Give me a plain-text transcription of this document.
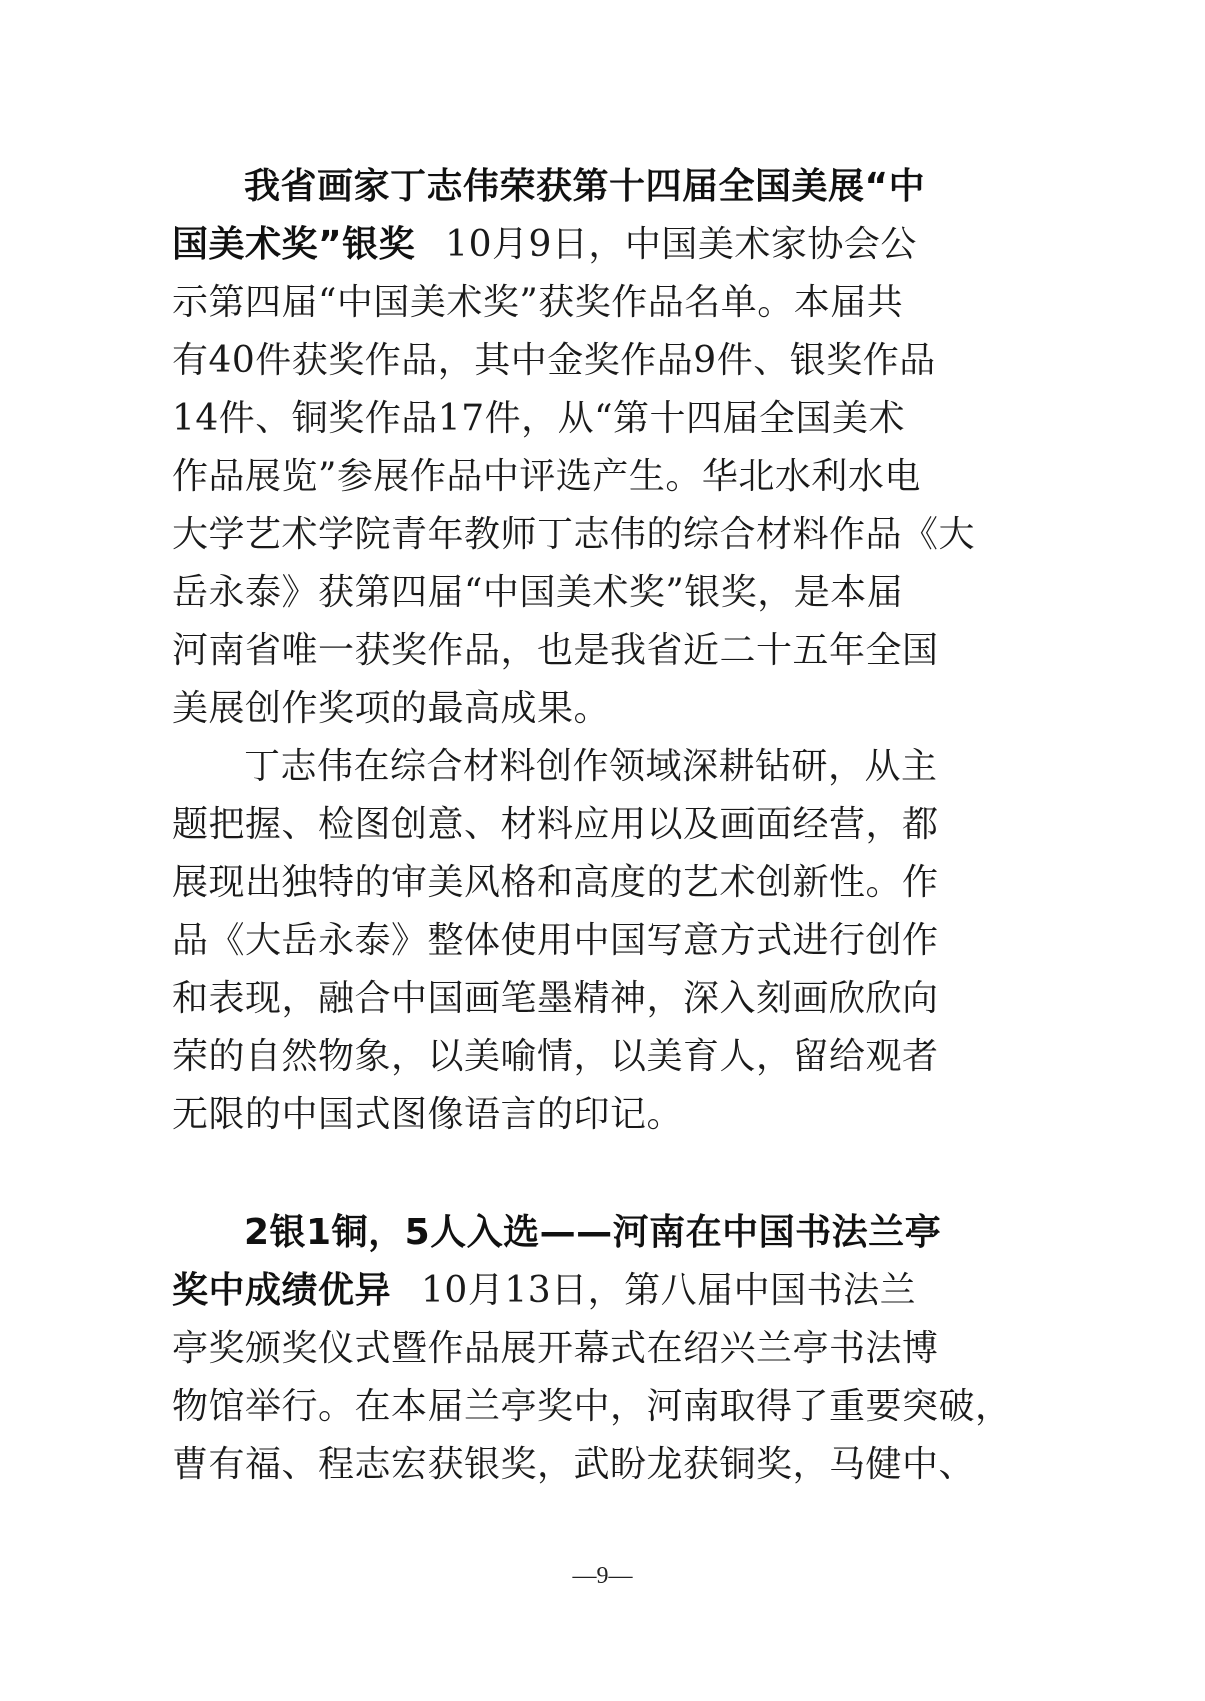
我省画家丁志伟荣获第十四届全国美展“中
国美术奖”银奖 10月9日，中国美术家协会公
示第四届“中国美术奖”获奖作品名单。本届共
有40件获奖作品，其中金奖作品9件、银奖作品
14件、铜奖作品17件，从“第十四届全国美术
作品展览”参展作品中评选产生。华北水利水电
大学艺术学院青年教师丁志伟的综合材料作品《大
岳永泰》获第四届“中国美术奖”银奖，是本届
河南省唯一获奖作品，也是我省近二十五年全国
美展创作奖项的最高成果。
丁志伟在综合材料创作领域深耕钻研，从主
题把握、检图创意、材料应用以及画面经营，都
展现出独特的审美风格和高度的艺术创新性。作
品《大岳永泰》整体使用中国写意方式进行创作
和表现，融合中国画笔墨精神，深入刻画欣欣向
荣的自然物象，以美喻情，以美育人，留给观者
无限的中国式图像语言的印记。
2银1铜，5人入选——河南在中国书法兰亭
奖中成绩优异 10月13日，第八届中国书法兰
亭奖颁奖仪式暨作品展开幕式在绍兴兰亭书法博
物馆举行。在本届兰亭奖中，河南取得了重要突破，
曹有福、程志宏获银奖，武盼龙获铜奖，马健中、
—9—
